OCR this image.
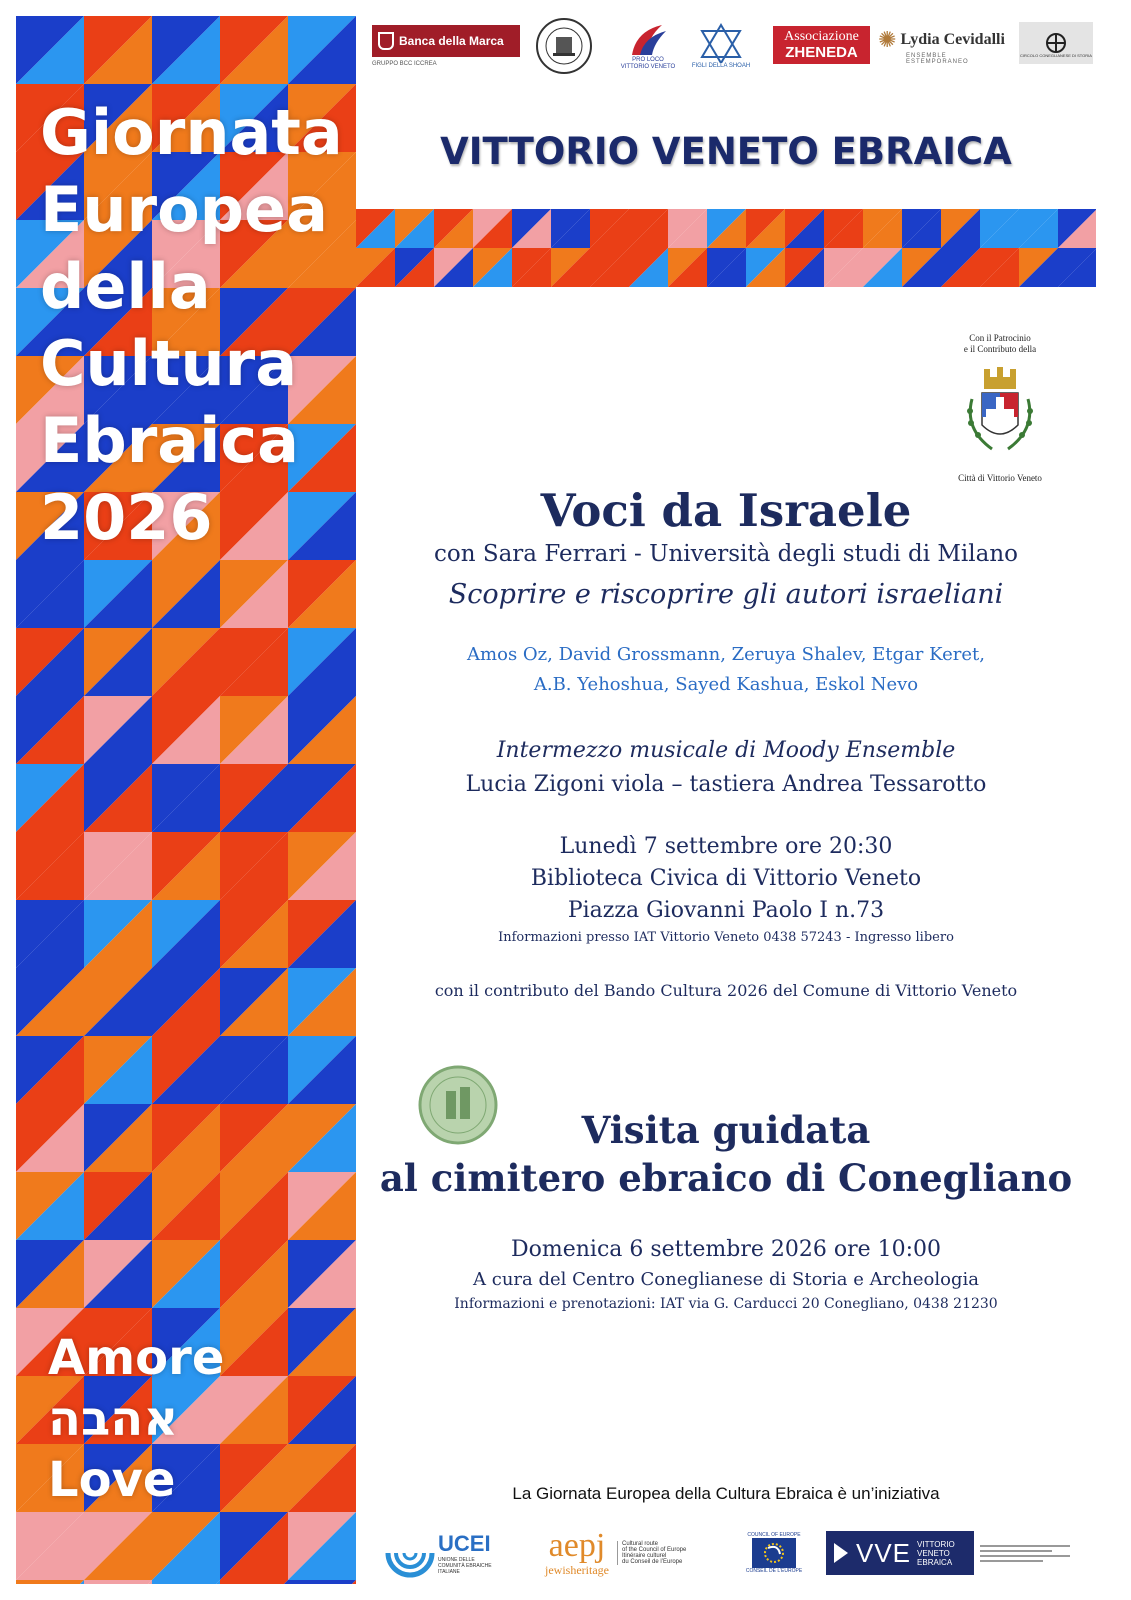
Giornata
Europea
della
Cultura
Ebraica
2026

Amore
אהבה
Love

Banca della Marca
GRUPPO BCC ICCREA
PRO LOCO VITTORIO VENETO	FIGLI DELLA SHOAH
Associazione
ZHENEDA ✺ Lydia Cevidalli
ENSEMBLE ESTEMPORANEO
CIRCOLO CONEGLIANESE DI STORIA
VITTORIO VENETO EBRAICA
Con il Patrocinio
e il Contributo della
Città di Vittorio Veneto

Voci da Israele

con Sara Ferrari - Università degli studi di Milano

Scoprire e riscoprire gli autori israeliani

Amos Oz, David Grossmann, Zeruya Shalev, Etgar Keret,

A.B. Yehoshua, Sayed Kashua, Eskol Nevo

Intermezzo musicale di Moody Ensemble

Lucia Zigoni viola – tastiera Andrea Tessarotto

Lunedì 7 settembre ore 20:30

Biblioteca Civica di Vittorio Veneto

Piazza Giovanni Paolo I n.73

Informazioni presso IAT Vittorio Veneto 0438 57243 - Ingresso libero

con il contributo del Bando Cultura 2026 del Comune di Vittorio Veneto

Visita guidata

al cimitero ebraico di Conegliano

Domenica 6 settembre 2026 ore 10:00

A cura del Centro Coneglianese di Storia e Archeologia

Informazioni e prenotazioni: IAT via G. Carducci 20 Conegliano, 0438 21230

La Giornata Europea della Cultura Ebraica è un’iniziativa

UCEI
UNIONE DELLE COMUNITÀ EBRAICHE ITALIANE
aepj
jewisheritage
Cultural route
of the Council of Europe
Itinéraire culturel
du Conseil de l’Europe
COUNCIL OF EUROPE
CONSEIL DE L'EUROPE
VVE VITTORIO
VENETO
EBRAICA
